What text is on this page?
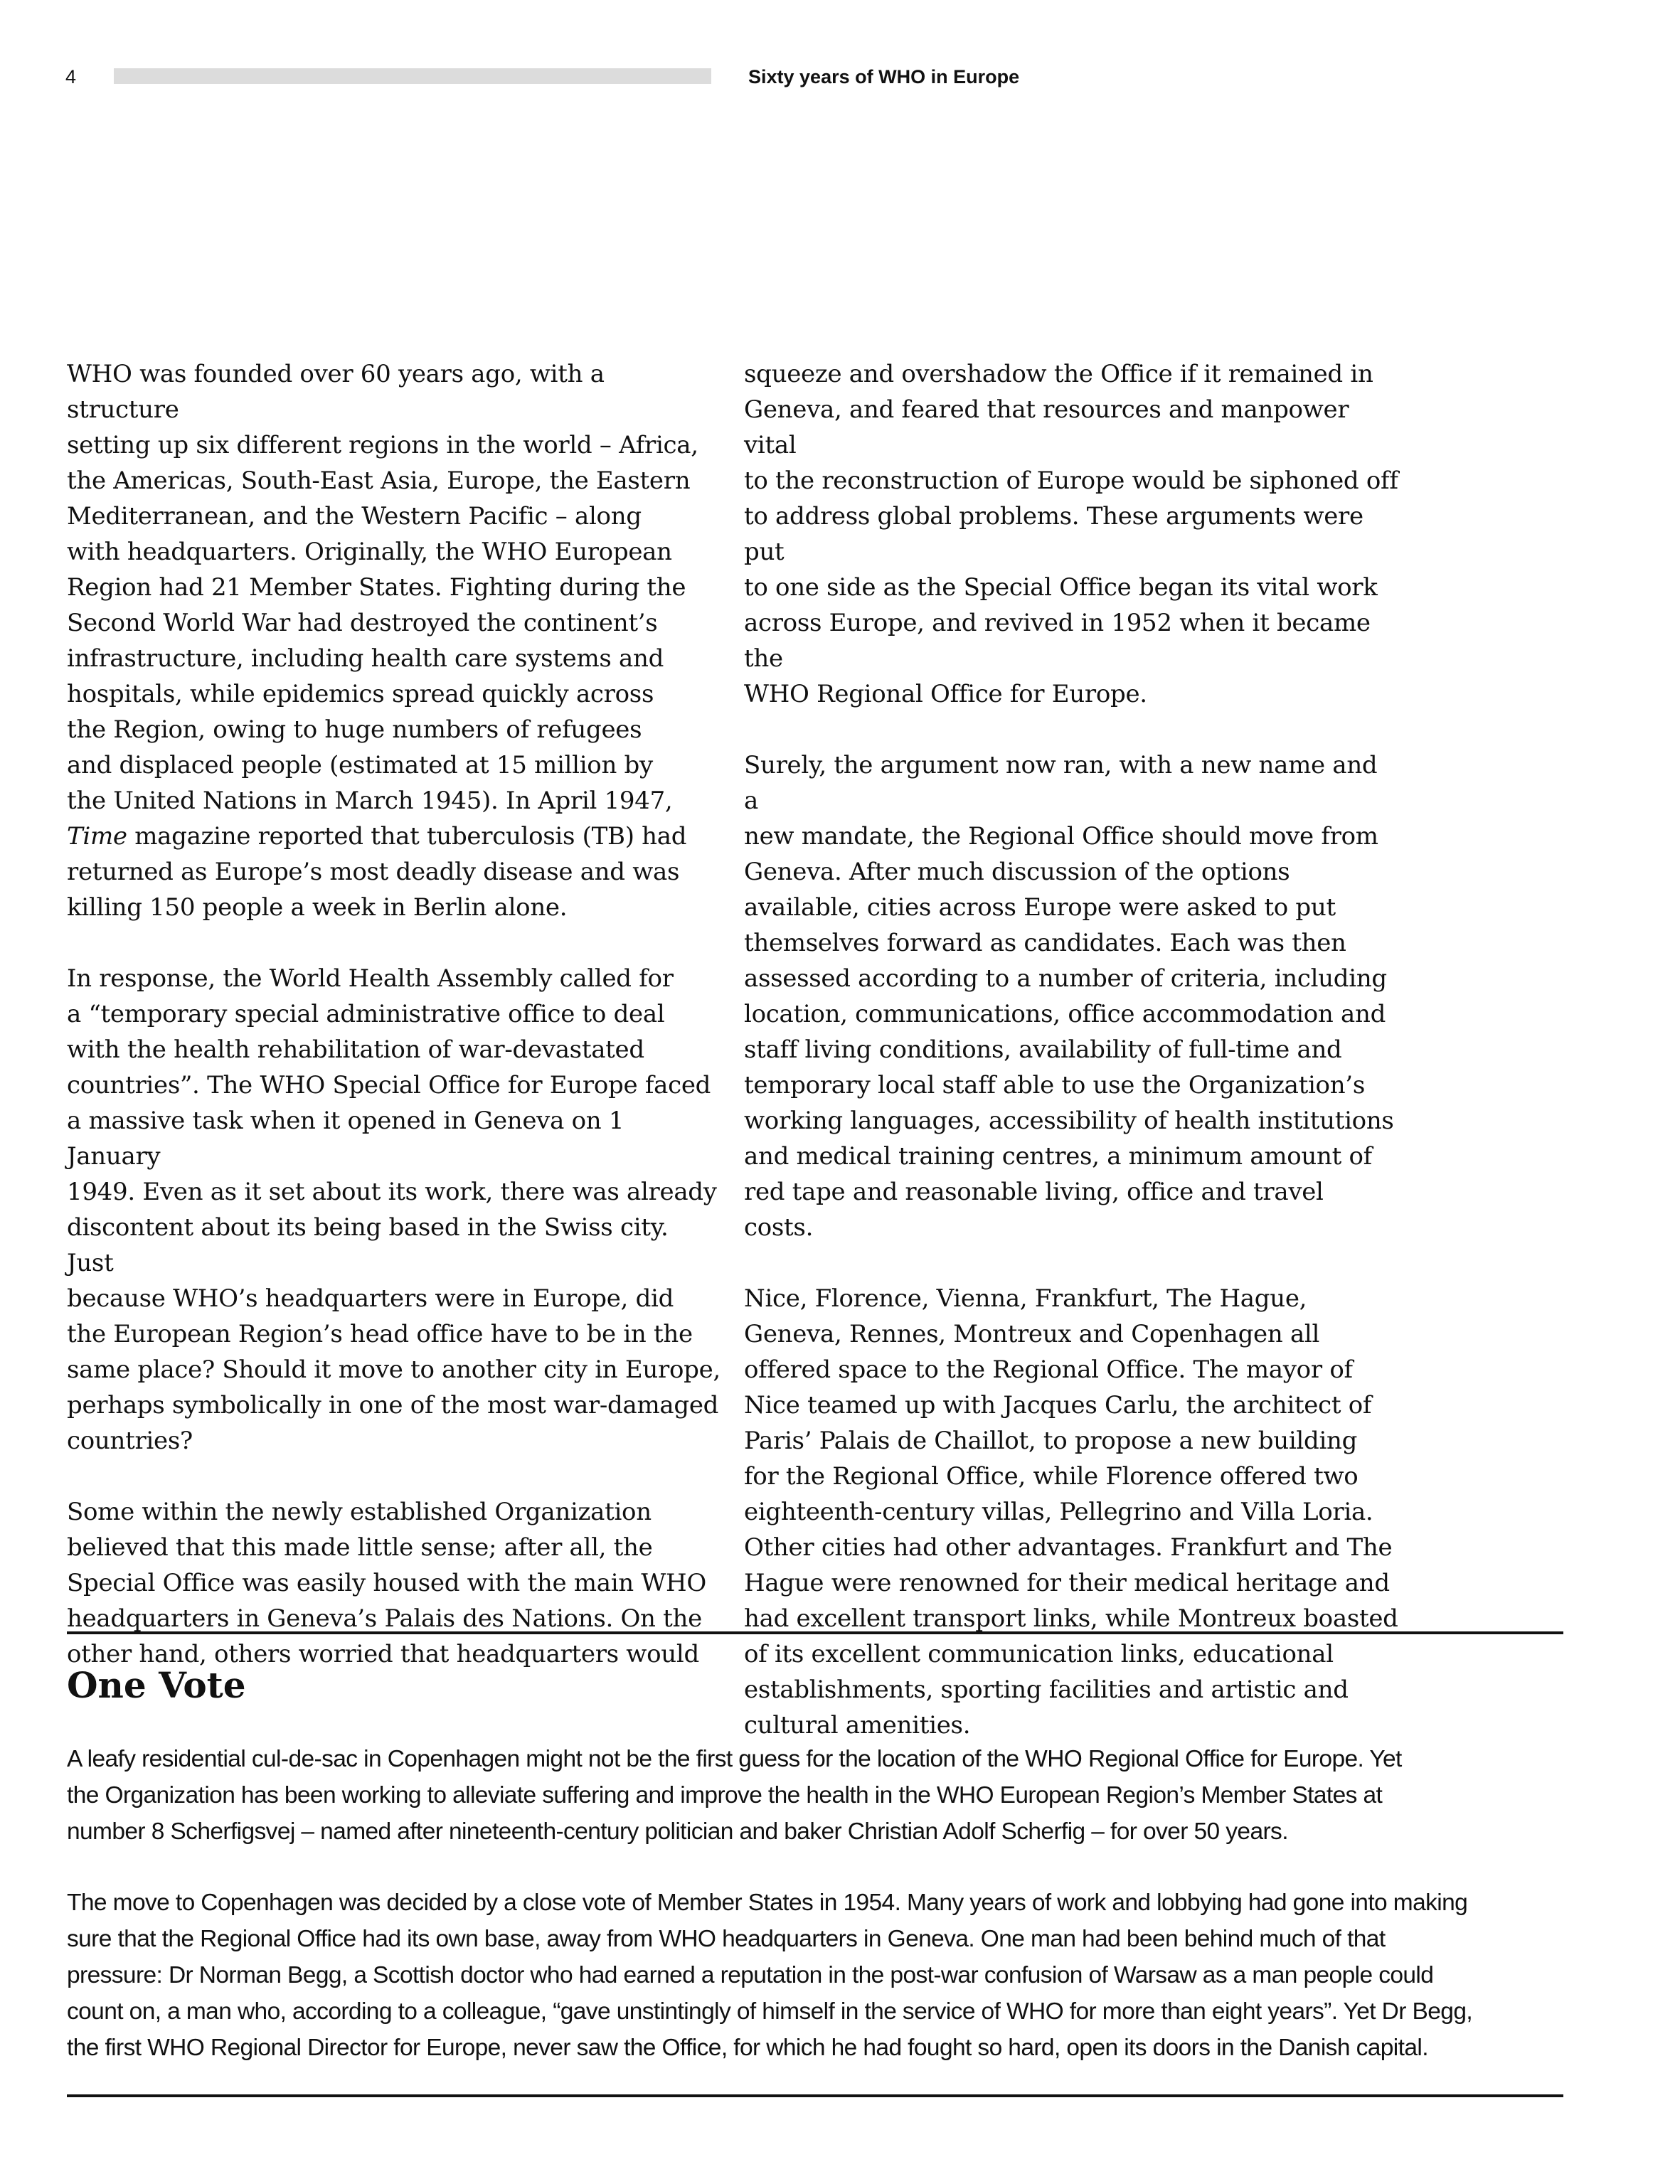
4	Sixty years of WHO in Europe

WHO was founded over 60 years ago, with a structure
setting up six different regions in the world – Africa,
the Americas, South-East Asia, Europe, the Eastern
Mediterranean, and the Western Pacific – along
with headquarters. Originally, the WHO European
Region had 21 Member States. Fighting during the
Second World War had destroyed the continent’s
infrastructure, including health care systems and
hospitals, while epidemics spread quickly across
the Region, owing to huge numbers of refugees
and displaced people (estimated at 15 million by
the United Nations in March 1945). In April 1947,
Time magazine reported that tuberculosis (TB) had
returned as Europe’s most deadly disease and was
killing 150 people a week in Berlin alone.

In response, the World Health Assembly called for
a “temporary special administrative office to deal
with the health rehabilitation of war-devastated
countries”. The WHO Special Office for Europe faced
a massive task when it opened in Geneva on 1 January
1949. Even as it set about its work, there was already
discontent about its being based in the Swiss city. Just
because WHO’s headquarters were in Europe, did
the European Region’s head office have to be in the
same place? Should it move to another city in Europe,
perhaps symbolically in one of the most war-damaged
countries?

Some within the newly established Organization
believed that this made little sense; after all, the
Special Office was easily housed with the main WHO
headquarters in Geneva’s Palais des Nations. On the
other hand, others worried that headquarters would

squeeze and overshadow the Office if it remained in
Geneva, and feared that resources and manpower vital
to the reconstruction of Europe would be siphoned off
to address global problems. These arguments were put
to one side as the Special Office began its vital work
across Europe, and revived in 1952 when it became the
WHO Regional Office for Europe.

Surely, the argument now ran, with a new name and a
new mandate, the Regional Office should move from
Geneva. After much discussion of the options
available, cities across Europe were asked to put
themselves forward as candidates. Each was then
assessed according to a number of criteria, including
location, communications, office accommodation and
staff living conditions, availability of full-time and
temporary local staff able to use the Organization’s
working languages, accessibility of health institutions
and medical training centres, a minimum amount of
red tape and reasonable living, office and travel costs.

Nice, Florence, Vienna, Frankfurt, The Hague,
Geneva, Rennes, Montreux and Copenhagen all
offered space to the Regional Office. The mayor of
Nice teamed up with Jacques Carlu, the architect of
Paris’ Palais de Chaillot, to propose a new building
for the Regional Office, while Florence offered two
eighteenth-century villas, Pellegrino and Villa Loria.
Other cities had other advantages. Frankfurt and The
Hague were renowned for their medical heritage and
had excellent transport links, while Montreux boasted
of its excellent communication links, educational
establishments, sporting facilities and artistic and
cultural amenities.

One Vote

A leafy residential cul-de-sac in Copenhagen might not be the first guess for the location of the WHO Regional Office for Europe. Yet
the Organization has been working to alleviate suffering and improve the health in the WHO European Region’s Member States at
number 8 Scherfigsvej – named after nineteenth-century politician and baker Christian Adolf Scherfig – for over 50 years.

The move to Copenhagen was decided by a close vote of Member States in 1954. Many years of work and lobbying had gone into making
sure that the Regional Office had its own base, away from WHO headquarters in Geneva. One man had been behind much of that
pressure: Dr Norman Begg, a Scottish doctor who had earned a reputation in the post-war confusion of Warsaw as a man people could
count on, a man who, according to a colleague, “gave unstintingly of himself in the service of WHO for more than eight years”. Yet Dr Begg,
the first WHO Regional Director for Europe, never saw the Office, for which he had fought so hard, open its doors in the Danish capital.
